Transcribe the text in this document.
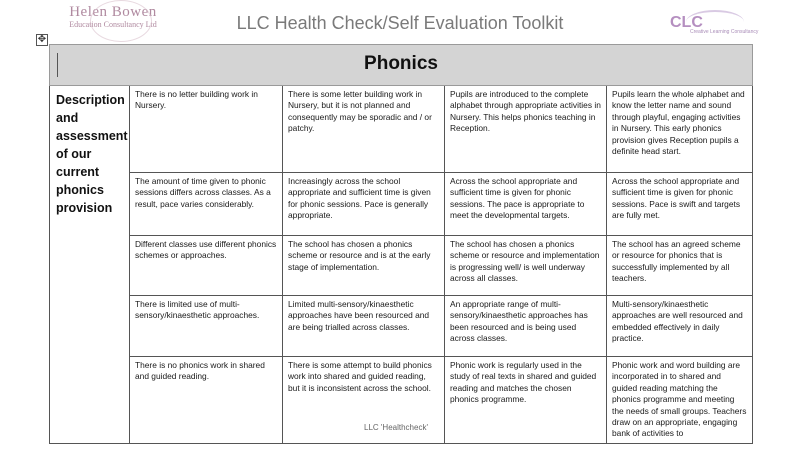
Helen Bowen
Education Consultancy Ltd	LLC Health Check/Self Evaluation Toolkit	CLC
Creative Learning Consultancy
✥
Phonics
Description and assessment of our current phonics provision
There is no letter building work in Nursery.
There is some letter building work in Nursery, but it is not planned and consequently may be sporadic and / or patchy.
Pupils are introduced to the complete alphabet through appropriate activities in Nursery. This helps phonics teaching in Reception.
Pupils learn the whole alphabet and know the letter name and sound through playful, engaging activities in Nursery. This early phonics provision gives Reception pupils a definite head start.
The amount of time given to phonic sessions differs across classes. As a result, pace varies considerably.
Increasingly across the school appropriate and sufficient time is given for phonic sessions. Pace is generally appropriate.
Across the school appropriate and sufficient time is given for phonic sessions. The pace is appropriate to meet the developmental targets.
Across the school appropriate and sufficient time is given for phonic sessions. Pace is swift and targets are fully met.
Different classes use different phonics schemes or approaches.
The school has chosen a phonics scheme or resource and is at the early stage of implementation.
The school has chosen a phonics scheme or resource and implementation is progressing well/ is well underway across all classes.
The school has an agreed scheme or resource for phonics that is successfully implemented by all teachers.
There is limited use of multi-sensory/kinaesthetic approaches.
Limited multi-sensory/kinaesthetic approaches have been resourced and are being trialled across classes.
An appropriate range of multi-sensory/kinaesthetic approaches has been resourced and is being used across classes.
Multi-sensory/kinaesthetic approaches are well resourced and embedded effectively in daily practice.
There is no phonics work in shared and guided reading.
There is some attempt to build phonics work into shared and guided reading, but it is inconsistent across the school.
Phonic work is regularly used in the study of real texts in shared and guided reading and matches the chosen phonics programme.
Phonic work and word building are incorporated in to shared and guided reading matching the phonics programme and meeting the needs of small groups. Teachers draw on an appropriate, engaging bank of activities to
LLC 'Healthcheck'
